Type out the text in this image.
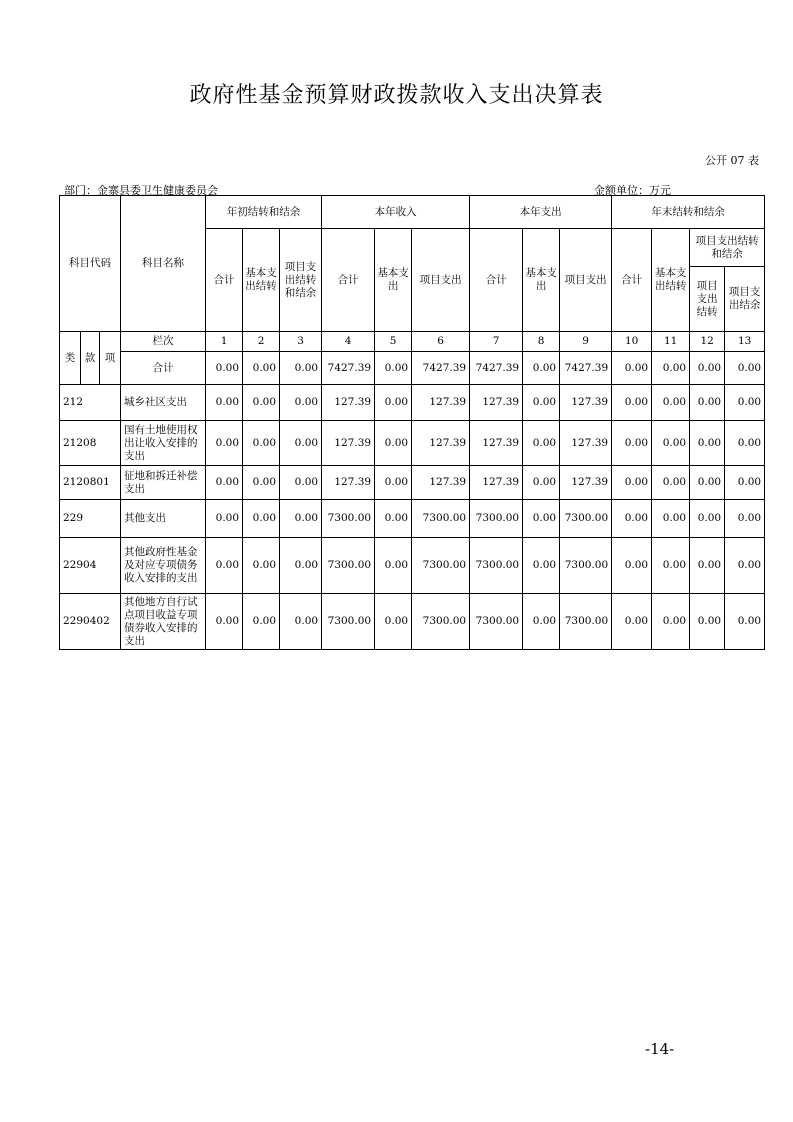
政府性基金预算财政拨款收入支出决算表
公开 07 表
部门：金寨县委卫生健康委员会	金额单位：万元
科目代码			科目名称	年初结转和结余			本年收入			本年支出			年末结转和结余			
				合计	基本支出结转	项目支出结转和结余	合计	基本支出	项目支出	合计	基本支出	项目支出	合计	基本支出结转	项目支出结转和结余	
															项目支出结转	项目支出结余
类	款	项	栏次	1	2	3	4	5	6	7	8	9	10	11	12	13
			合计	0.00	0.00	0.00	7427.39	0.00	7427.39	7427.39	0.00	7427.39	0.00	0.00	0.00	0.00
212			城乡社区支出	0.00	0.00	0.00	127.39	0.00	127.39	127.39	0.00	127.39	0.00	0.00	0.00	0.00
21208			国有土地使用权出让收入安排的支出	0.00	0.00	0.00	127.39	0.00	127.39	127.39	0.00	127.39	0.00	0.00	0.00	0.00
2120801			征地和拆迁补偿支出	0.00	0.00	0.00	127.39	0.00	127.39	127.39	0.00	127.39	0.00	0.00	0.00	0.00
229			其他支出	0.00	0.00	0.00	7300.00	0.00	7300.00	7300.00	0.00	7300.00	0.00	0.00	0.00	0.00
22904			其他政府性基金及对应专项债务收入安排的支出	0.00	0.00	0.00	7300.00	0.00	7300.00	7300.00	0.00	7300.00	0.00	0.00	0.00	0.00
2290402			其他地方自行试点项目收益专项债券收入安排的支出	0.00	0.00	0.00	7300.00	0.00	7300.00	7300.00	0.00	7300.00	0.00	0.00	0.00	0.00
-14-
